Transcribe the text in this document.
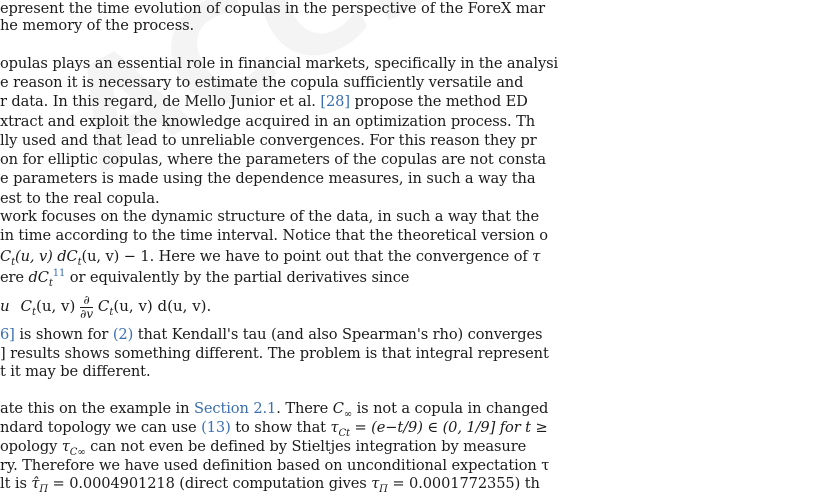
epresent the time evolution of copulas in the perspective of the ForeX mar
he memory of the process.
opulas plays an essential role in financial markets, specifically in the analysi
e reason it is necessary to estimate the copula sufficiently versatile and
r data. In this regard, de Mello Junior et al. [28] propose the method ED
xtract and exploit the knowledge acquired in an optimization process. Th
lly used and that lead to unreliable convergences. For this reason they pr
on for elliptic copulas, where the parameters of the copulas are not consta
e parameters is made using the dependence measures, in such a way tha
est to the real copula.
work focuses on the dynamic structure of the data, in such a way that the
in time according to the time interval. Notice that the theoretical version o
$C_t(u$, v) $dC_t(u$, v) − 1. Here we have to point out that the convergence of τ
ere $dC_t^{11}$ or equivalently by the partial derivatives since
6] is shown for (2) that Kendall's tau (and also Spearman's rho) converges
] results shows something different. The problem is that integral represent
t it may be different.
ate this on the example in Section 2.1. There $C_\infty$ is not a copula in changed
ndard topology we can use (13) to show that $\tau_{Ct} = (e-t/9)$ ∈ (0, 1/9] for t ≥
opology $\tau_{C\infty}$ can not even be defined by Stieltjes integration by measure
ry. Therefore we have used definition based on unconditional expectation τ
lt is $\taû_\Pi = 0.0004901218$ (direct computation gives $\tau_\Pi = 0.0001772355$) th
u $C_t(u$, $v) \frac{\partial}{\partial v} C_t(u$, v) d(u, v).
